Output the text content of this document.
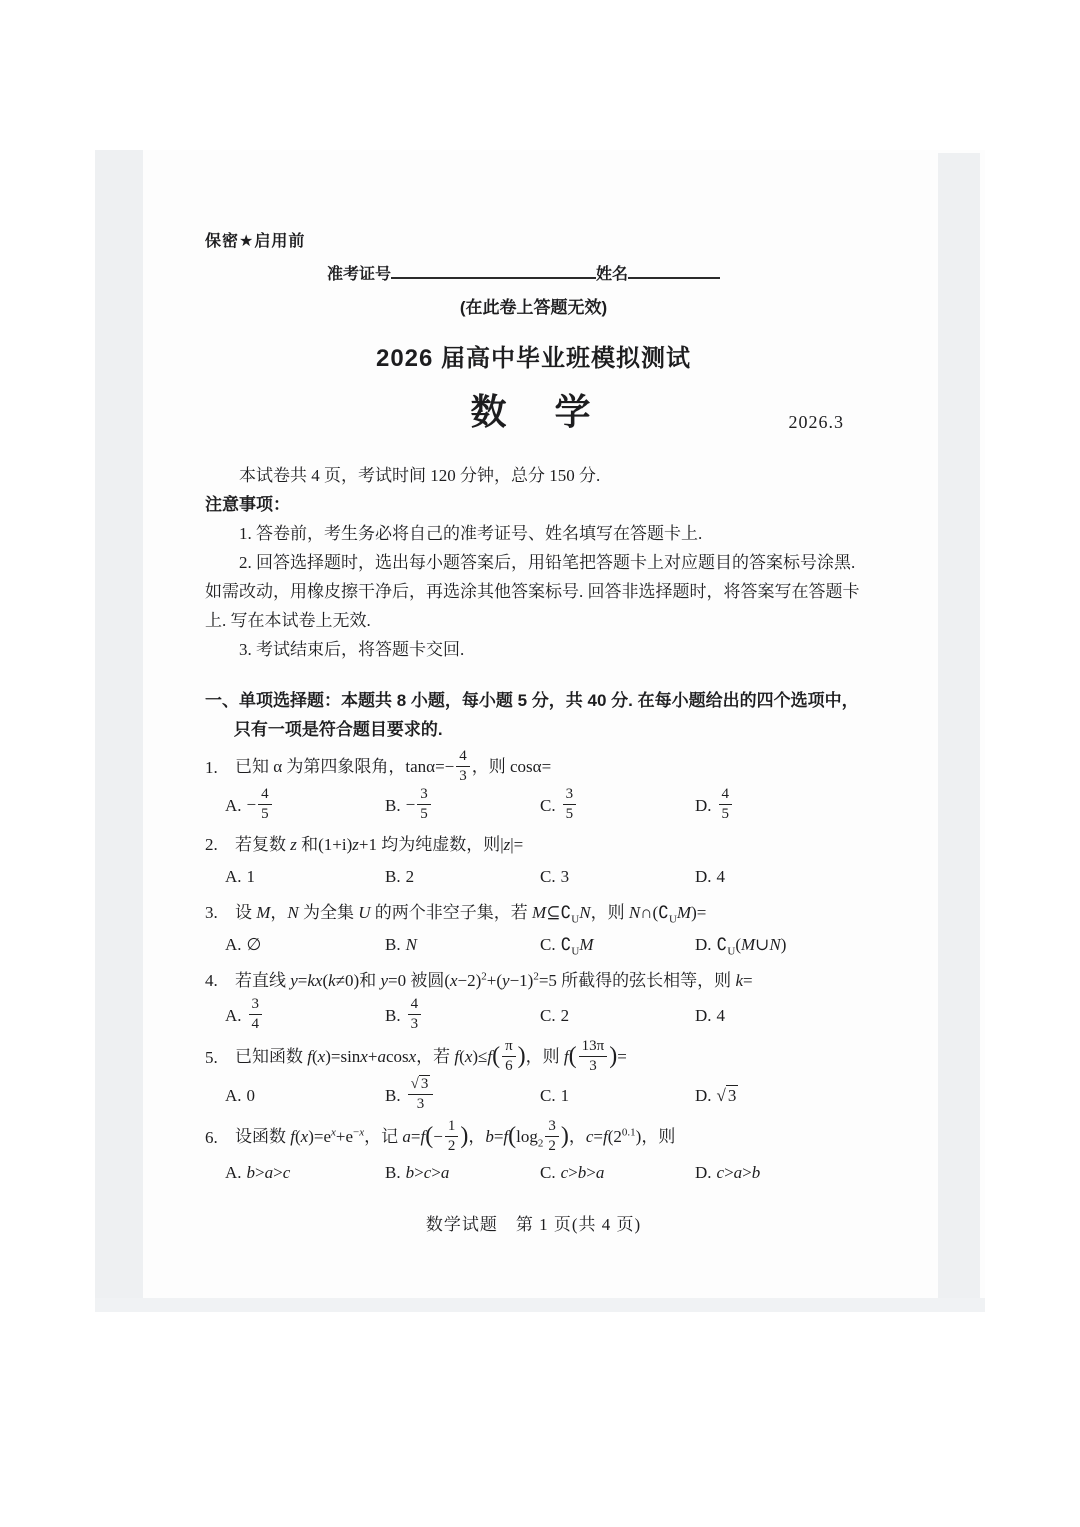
保密★启用前
准考证号	姓名
(在此卷上答题无效)
2026 届高中毕业班模拟测试
数　学	2026.3
本试卷共 4 页，考试时间 120 分钟，总分 150 分.
注意事项：

1. 答卷前，考生务必将自己的准考证号、姓名填写在答题卡上.

2. 回答选择题时，选出每小题答案后，用铅笔把答题卡上对应题目的答案标号涂黑. 如需改动，用橡皮擦干净后，再选涂其他答案标号. 回答非选择题时，将答案写在答题卡上. 写在本试卷上无效.

3. 考试结束后，将答题卡交回.

一、单项选择题：本题共 8 小题，每小题 5 分，共 40 分. 在每小题给出的四个选项中，只有一项是符合题目要求的.
1.	已知 α 为第四象限角，$\tan\alpha=- \frac{4}{3}$ ，则 cosα=
A. − $\frac{4}{5}$	B. − $\frac{3}{5}$	C. $\frac{3}{5}$	D. $\frac{4}{5}$
2.	若复数 z 和(1+i)z+1 均为纯虚数，则|z|=
A. 1	B. 2	C. 3	D. 4
3.	设 M，N 为全集 U 的两个非空子集，若 $M⊆∁_UN$，则 $N\cap(∁_UM)=$
A. ∅	B. N	C. $∁_UM$	D. $∁_U(M\cup N)$
4.	若直线 y=kx(k≠0)和 y=0 被圆$(x-2)^2+(y-1)^2=5$ 所截得的弦长相等，则 k=
A. $\frac{3}{4}$	B. $\frac{4}{3}$	C. 2	D. 4
5.	已知函数 f(x)=sinx+acosx，若 $f(x)\le f( \frac{\pi}{6}$ )，则 $f( \frac{13\pi}{3}$ )=
A. 0	B. $\frac{√ 3}{3}$	C. 1	D. √ 3
6.	设函数 $f(x)=e^x+e^{-x}$，记 $a=f(- \frac{1}{2}$ )，$b=f(\log_2 \frac{3}{2}$ )，$c=f(2^{0.1})$，则
A. b>a>c	B. b>c>a	C. c>b>a	D. c>a>b
数学试题　第 1 页(共 4 页)
